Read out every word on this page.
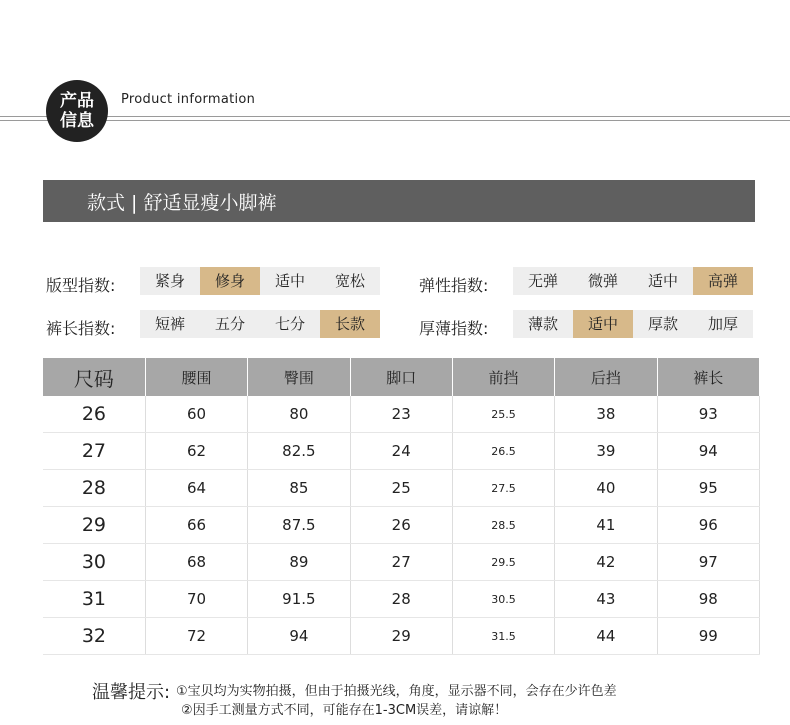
产品
信息
Product information
款式 | 舒适显瘦小脚裤
版型指数:	紧身	修身	适中	宽松	弹性指数:	无弹	微弹	适中	高弹
裤长指数:	短裤	五分	七分	长款	厚薄指数:	薄款	适中	厚款	加厚
尺码	腰围	臀围	脚口	前挡	后挡	裤长
26	60	80	23	25.5	38	93
27	62	82.5	24	26.5	39	94
28	64	85	25	27.5	40	95
29	66	87.5	26	28.5	41	96
30	68	89	27	29.5	42	97
31	70	91.5	28	30.5	43	98
32	72	94	29	31.5	44	99
温馨提示: ①宝贝均为实物拍摄，但由于拍摄光线，角度，显示器不同，会存在少许色差
②因手工测量方式不同，可能存在1-3CM误差，请谅解！
